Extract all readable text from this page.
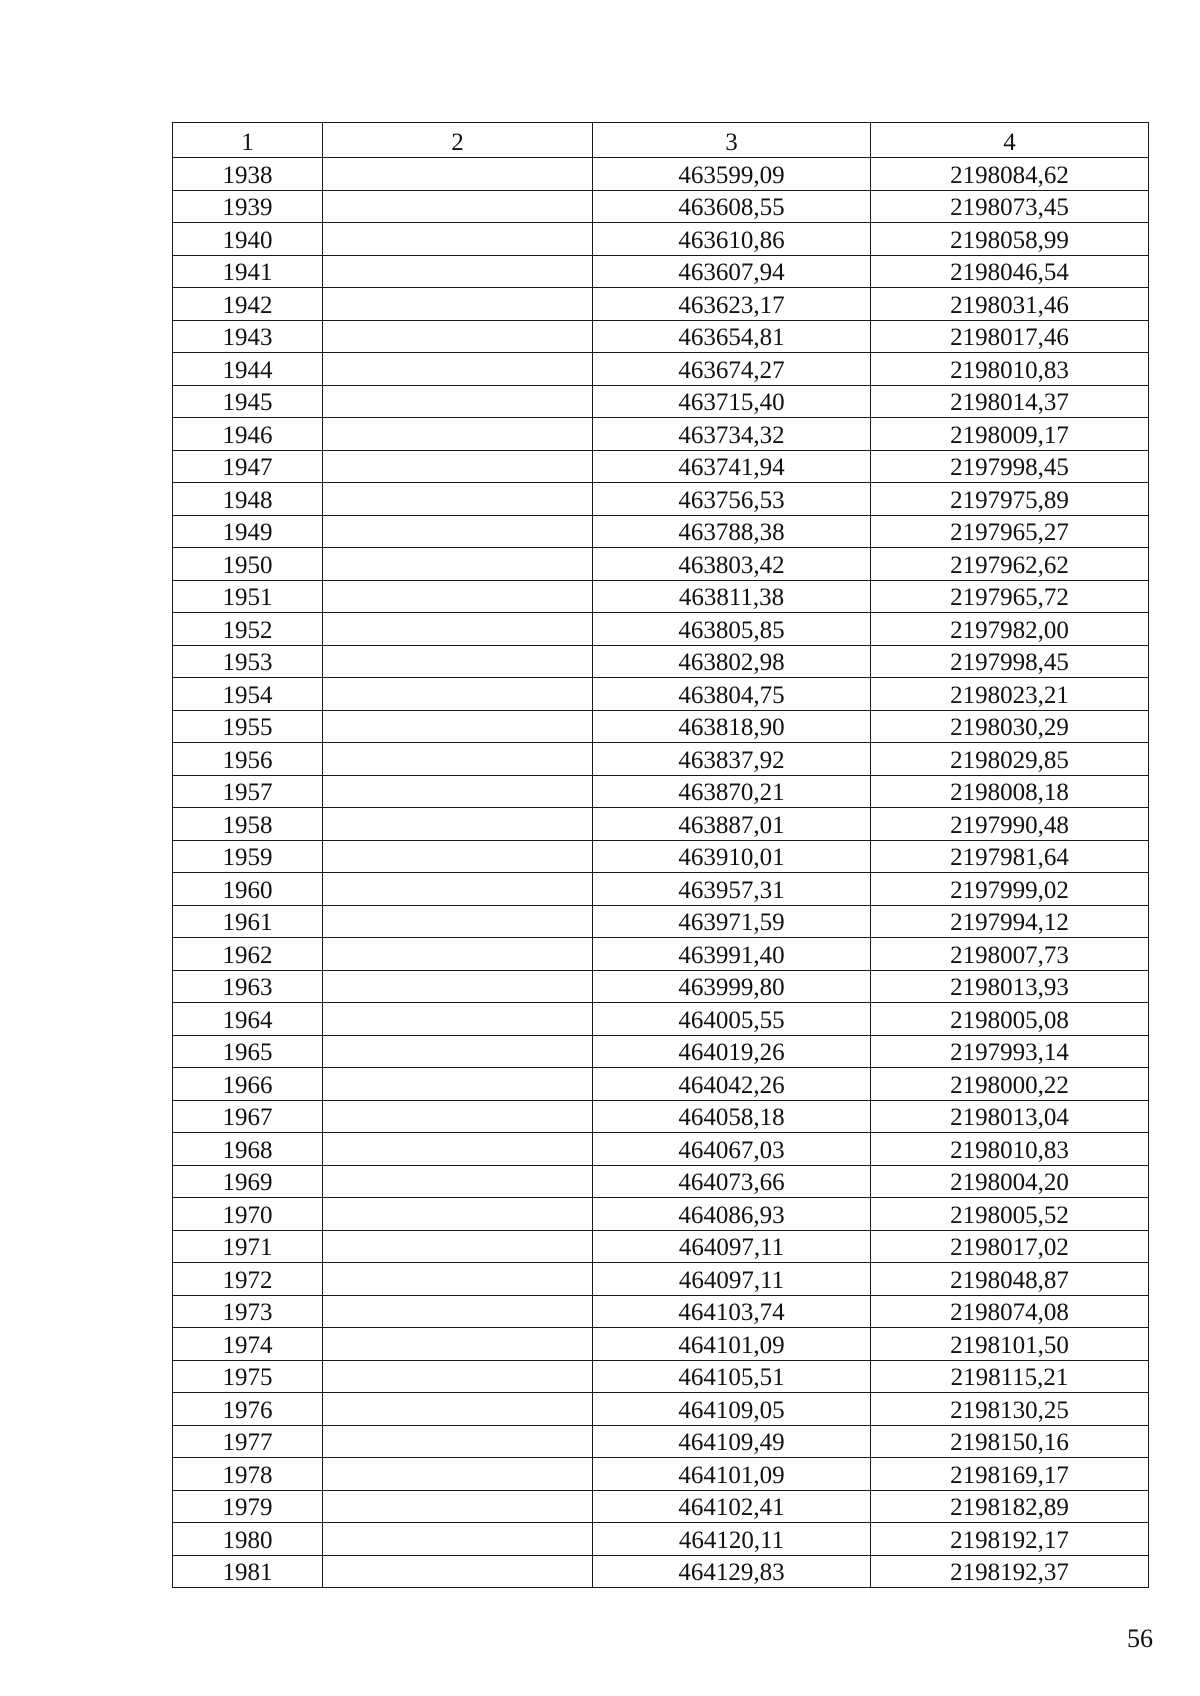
1	2	3	4
1938		463599,09	2198084,62
1939		463608,55	2198073,45
1940		463610,86	2198058,99
1941		463607,94	2198046,54
1942		463623,17	2198031,46
1943		463654,81	2198017,46
1944		463674,27	2198010,83
1945		463715,40	2198014,37
1946		463734,32	2198009,17
1947		463741,94	2197998,45
1948		463756,53	2197975,89
1949		463788,38	2197965,27
1950		463803,42	2197962,62
1951		463811,38	2197965,72
1952		463805,85	2197982,00
1953		463802,98	2197998,45
1954		463804,75	2198023,21
1955		463818,90	2198030,29
1956		463837,92	2198029,85
1957		463870,21	2198008,18
1958		463887,01	2197990,48
1959		463910,01	2197981,64
1960		463957,31	2197999,02
1961		463971,59	2197994,12
1962		463991,40	2198007,73
1963		463999,80	2198013,93
1964		464005,55	2198005,08
1965		464019,26	2197993,14
1966		464042,26	2198000,22
1967		464058,18	2198013,04
1968		464067,03	2198010,83
1969		464073,66	2198004,20
1970		464086,93	2198005,52
1971		464097,11	2198017,02
1972		464097,11	2198048,87
1973		464103,74	2198074,08
1974		464101,09	2198101,50
1975		464105,51	2198115,21
1976		464109,05	2198130,25
1977		464109,49	2198150,16
1978		464101,09	2198169,17
1979		464102,41	2198182,89
1980		464120,11	2198192,17
1981		464129,83	2198192,37
56
